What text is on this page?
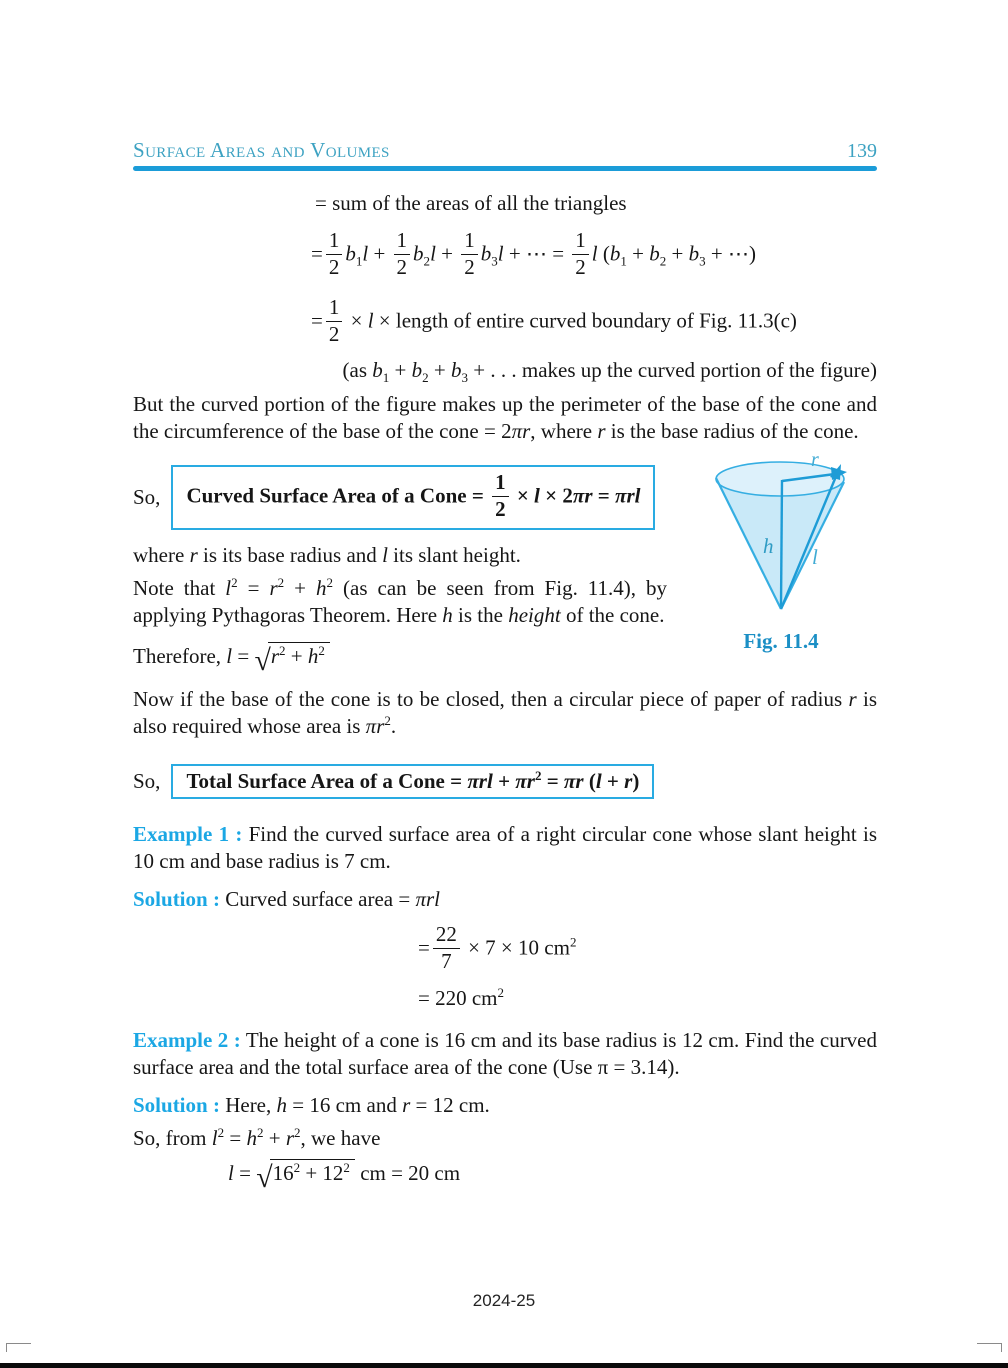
Surface Areas and Volumes	139
= sum of the areas of all the triangles
= $\frac{1}{2} b_1l + \frac{1}{2} b_2l + \frac{1}{2} b_3l$ + ⋯ = $\frac{1}{2}$ l ($b_1 + b_2 + b_3$ + ⋯)
= $\frac{1}{2} \times l$ × length of entire curved boundary of Fig. 11.3(c)
(as $b_1 + b_2 + b_3$ + . . . makes up the curved portion of the figure)
But the curved portion of the figure makes up the perimeter of the base of the cone and the circumference of the base of the cone = 2πr, where r is the base radius of the cone.
r
h l
Fig. 11.4
So,	Curved Surface Area of a Cone = $\frac{1}{2} \times l \times 2\pi r = \pi rl$
where r is its base radius and l its slant height.
Note that $l^2 = r^2 + h^2$ (as can be seen from Fig. 11.4), by applying Pythagoras Theorem. Here h is the height of the cone.
Therefore, $l = √r^2 + h^2$
Now if the base of the cone is to be closed, then a circular piece of paper of radius r is also required whose area is $\pi r^2$.
So,	Total Surface Area of a Cone = $\pi rl + \pi r^2 = \pi r$ (l + r)
Example 1 : Find the curved surface area of a right circular cone whose slant height is 10 cm and base radius is 7 cm.
Solution : Curved surface area = πrl
= $\frac{22}{7} \times 7 \times 10$ $cm^2$
= 220 $cm^2$
Example 2 : The height of a cone is 16 cm and its base radius is 12 cm. Find the curved surface area and the total surface area of the cone (Use π = 3.14).
Solution : Here, h = 16 cm and r = 12 cm.
So, from $l^2 = h^2 + r^2$, we have
$l = √16^2 + 12^2$ cm = 20 cm
2024-25
